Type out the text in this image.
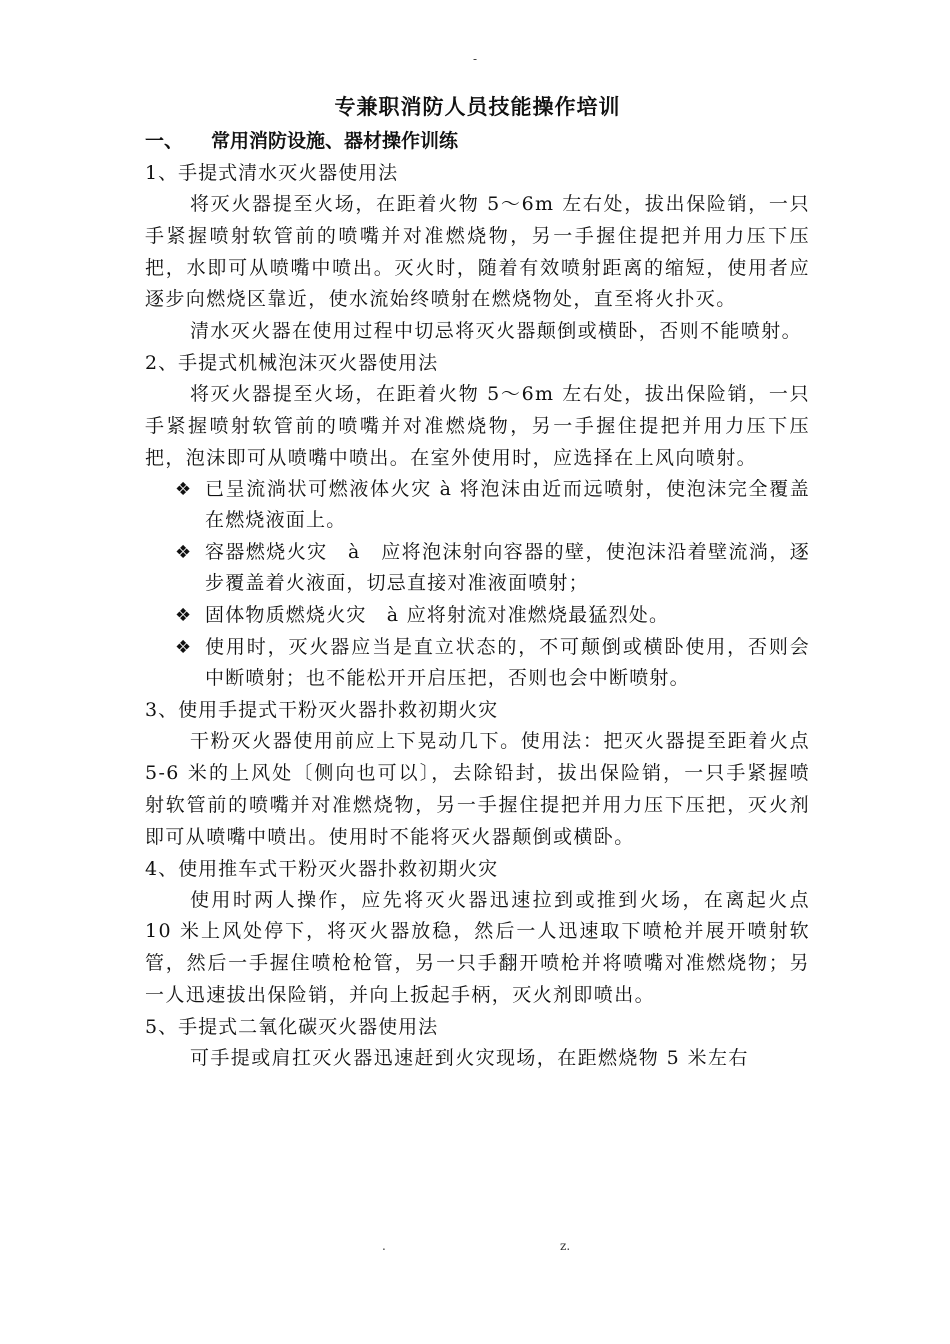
-
专兼职消防人员技能操作培训
一、 常用消防设施、器材操作训练
1、手提式清水灭火器使用法

将灭火器提至火场，在距着火物 5～6m 左右处，拔出保险销，一只手紧握喷射软管前的喷嘴并对准燃烧物，另一手握住提把并用力压下压把，水即可从喷嘴中喷出。灭火时，随着有效喷射距离的缩短，使用者应逐步向燃烧区靠近，使水流始终喷射在燃烧物处，直至将火扑灭。

清水灭火器在使用过程中切忌将灭火器颠倒或横卧，否则不能喷射。

2、手提式机械泡沫灭火器使用法

将灭火器提至火场，在距着火物 5～6m 左右处，拔出保险销，一只手紧握喷射软管前的喷嘴并对准燃烧物，另一手握住提把并用力压下压把，泡沫即可从喷嘴中喷出。在室外使用时，应选择在上风向喷射。

❖ 已呈流淌状可燃液体火灾 à 将泡沫由近而远喷射，使泡沫完全覆盖在燃烧液面上。
❖ 容器燃烧火灾　à　应将泡沫射向容器的壁，使泡沫沿着壁流淌，逐步覆盖着火液面，切忌直接对准液面喷射；
❖ 固体物质燃烧火灾　à 应将射流对准燃烧最猛烈处。
❖ 使用时，灭火器应当是直立状态的，不可颠倒或横卧使用，否则会中断喷射；也不能松开开启压把，否则也会中断喷射。
3、使用手提式干粉灭火器扑救初期火灾

干粉灭火器使用前应上下晃动几下。使用法：把灭火器提至距着火点 5-6 米的上风处〔侧向也可以〕，去除铅封，拔出保险销，一只手紧握喷射软管前的喷嘴并对准燃烧物，另一手握住提把并用力压下压把，灭火剂即可从喷嘴中喷出。使用时不能将灭火器颠倒或横卧。

4、使用推车式干粉灭火器扑救初期火灾

使用时两人操作，应先将灭火器迅速拉到或推到火场，在离起火点 10 米上风处停下，将灭火器放稳，然后一人迅速取下喷枪并展开喷射软管，然后一手握住喷枪枪管，另一只手翻开喷枪并将喷嘴对准燃烧物；另一人迅速拔出保险销，并向上扳起手柄，灭火剂即喷出。

5、手提式二氧化碳灭火器使用法

可手提或肩扛灭火器迅速赶到火灾现场，在距燃烧物 5 米左右

.	z.
